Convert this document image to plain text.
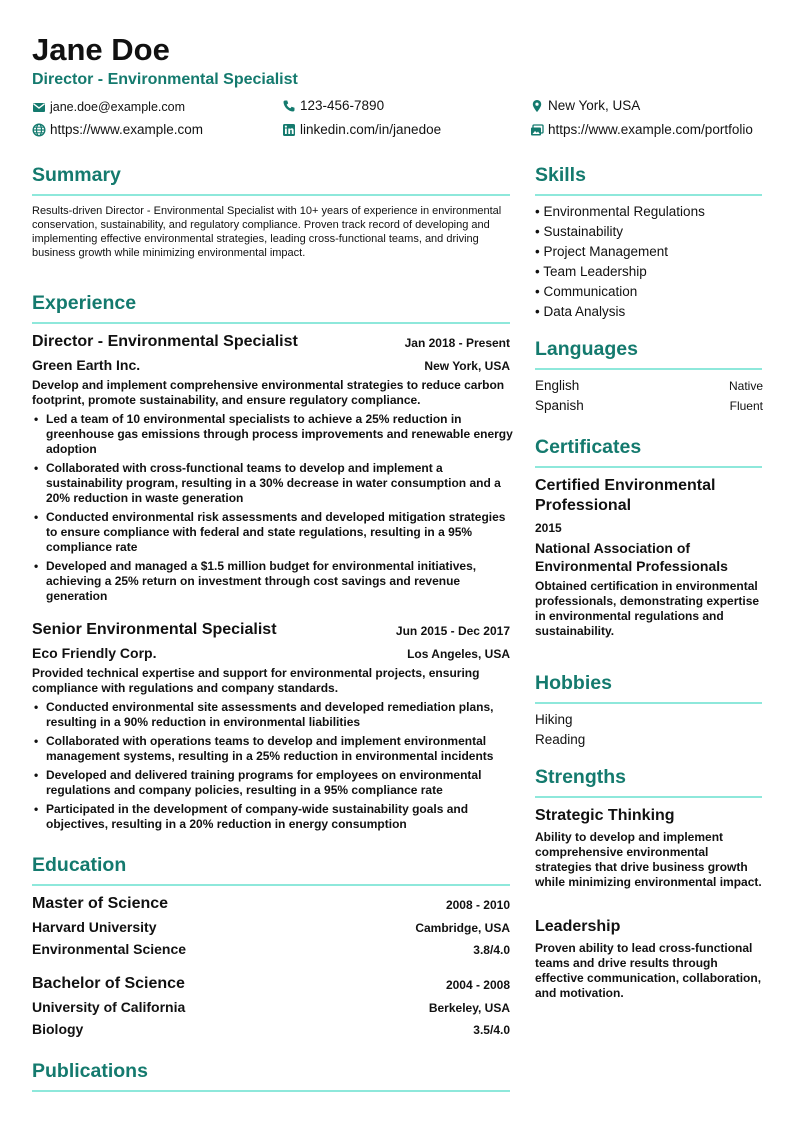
Jane Doe
Director - Environmental Specialist
jane.doe@example.com	123-456-7890	New York, USA
https://www.example.com	linkedin.com/in/janedoe	https://www.example.com/portfolio
Summary
Results-driven Director - Environmental Specialist with 10+ years of experience in environmental conservation, sustainability, and regulatory compliance. Proven track record of developing and implementing effective environmental strategies, leading cross-functional teams, and driving business growth while minimizing environmental impact.
Experience
Director - Environmental Specialist	Jan 2018 - Present
Green Earth Inc.	New York, USA
Develop and implement comprehensive environmental strategies to reduce carbon footprint, promote sustainability, and ensure regulatory compliance.
• Led a team of 10 environmental specialists to achieve a 25% reduction in greenhouse gas emissions through process improvements and renewable energy adoption
• Collaborated with cross-functional teams to develop and implement a sustainability program, resulting in a 30% decrease in water consumption and a 20% reduction in waste generation
• Conducted environmental risk assessments and developed mitigation strategies to ensure compliance with federal and state regulations, resulting in a 95% compliance rate
• Developed and managed a $1.5 million budget for environmental initiatives, achieving a 25% return on investment through cost savings and revenue generation
Senior Environmental Specialist	Jun 2015 - Dec 2017
Eco Friendly Corp.	Los Angeles, USA
Provided technical expertise and support for environmental projects, ensuring compliance with regulations and company standards.
• Conducted environmental site assessments and developed remediation plans, resulting in a 90% reduction in environmental liabilities
• Collaborated with operations teams to develop and implement environmental management systems, resulting in a 25% reduction in environmental incidents
• Developed and delivered training programs for employees on environmental regulations and company policies, resulting in a 95% compliance rate
• Participated in the development of company-wide sustainability goals and objectives, resulting in a 20% reduction in energy consumption
Education
Master of Science	2008 - 2010
Harvard University	Cambridge, USA
Environmental Science	3.8/4.0
Bachelor of Science	2004 - 2008
University of California	Berkeley, USA
Biology	3.5/4.0
Publications
Skills
• Environmental Regulations
• Sustainability
• Project Management
• Team Leadership
• Communication
• Data Analysis
Languages
English	Native
Spanish	Fluent
Certificates
Certified Environmental Professional
2015
National Association of Environmental Professionals
Obtained certification in environmental professionals, demonstrating expertise in environmental regulations and sustainability.
Hobbies
Hiking
Reading
Strengths
Strategic Thinking
Ability to develop and implement comprehensive environmental strategies that drive business growth while minimizing environmental impact.
Leadership
Proven ability to lead cross-functional teams and drive results through effective communication, collaboration, and motivation.
